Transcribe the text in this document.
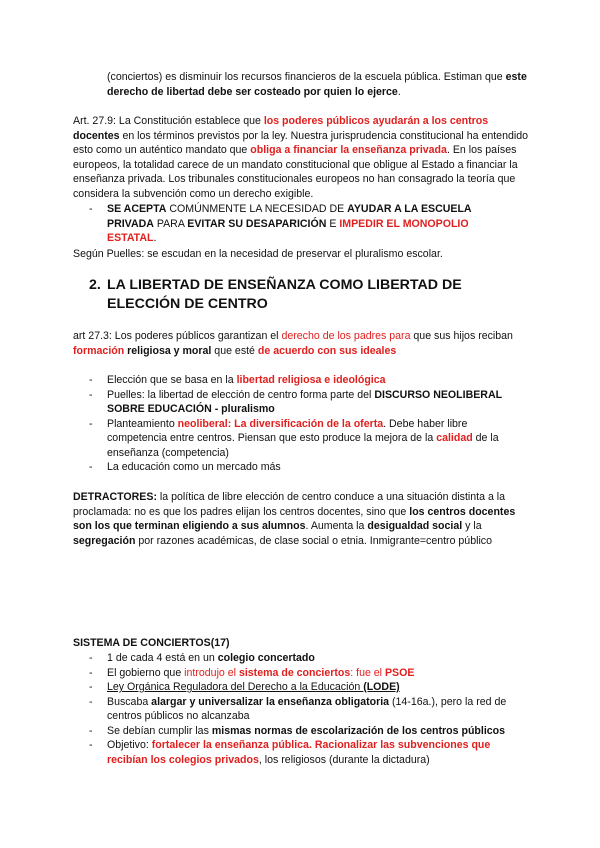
(conciertos) es disminuir los recursos financieros de la escuela pública. Estiman que este derecho de libertad debe ser costeado por quien lo ejerce.

Art. 27.9: La Constitución establece que los poderes públicos ayudarán a los centros docentes en los términos previstos por la ley. Nuestra jurisprudencia constitucional ha entendido esto como un auténtico mandato que obliga a financiar la enseñanza privada. En los países europeos, la totalidad carece de un mandato constitucional que obligue al Estado a financiar la enseñanza privada. Los tribunales constitucionales europeos no han consagrado la teoría que considera la subvención como un derecho exigible.

- SE ACEPTA COMÚNMENTE LA NECESIDAD DE AYUDAR A LA ESCUELA PRIVADA PARA EVITAR SU DESAPARICIÓN E IMPEDIR EL MONOPOLIO ESTATAL.

Según Puelles: se escudan en la necesidad de preservar el pluralismo escolar.

2. LA LIBERTAD DE ENSEÑANZA COMO LIBERTAD DE ELECCIÓN DE CENTRO

art 27.3: Los poderes públicos garantizan el derecho de los padres para que sus hijos reciban formación religiosa y moral que esté de acuerdo con sus ideales

- Elección que se basa en la libertad religiosa e ideológica
- Puelles: la libertad de elección de centro forma parte del DISCURSO NEOLIBERAL SOBRE EDUCACIÓN - pluralismo
- Planteamiento neoliberal: La diversificación de la oferta. Debe haber libre competencia entre centros. Piensan que esto produce la mejora de la calidad de la enseñanza (competencia)
- La educación como un mercado más

DETRACTORES: la política de libre elección de centro conduce a una situación distinta a la proclamada: no es que los padres elijan los centros docentes, sino que los centros docentes son los que terminan eligiendo a sus alumnos. Aumenta la desigualdad social y la segregación por razones académicas, de clase social o etnia. Inmigrante=centro público

SISTEMA DE CONCIERTOS(17)

- 1 de cada 4 está en un colegio concertado
- El gobierno que introdujo el sistema de conciertos: fue el PSOE
- Ley Orgánica Reguladora del Derecho a la Educación (LODE)
- Buscaba alargar y universalizar la enseñanza obligatoria (14-16a.), pero la red de centros públicos no alcanzaba
- Se debían cumplir las mismas normas de escolarización de los centros públicos
- Objetivo: fortalecer la enseñanza pública. Racionalizar las subvenciones que recibían los colegios privados, los religiosos (durante la dictadura)
